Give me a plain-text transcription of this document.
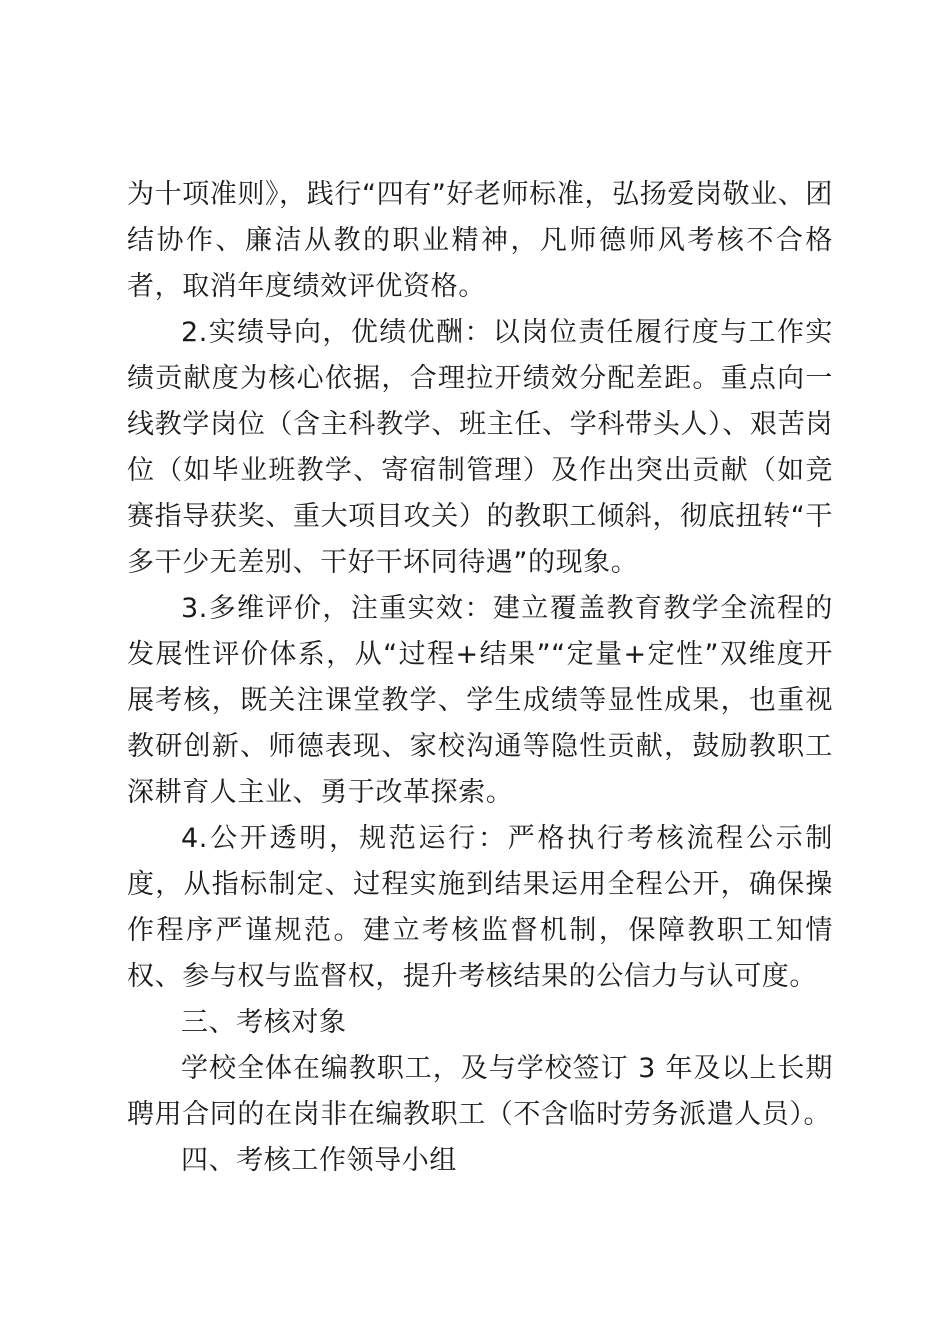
为十项准则》，践行“四有”好老师标准，弘扬爱岗敬业、团结协作、廉洁从教的职业精神，凡师德师风考核不合格者，取消年度绩效评优资格。

2.实绩导向，优绩优酬：以岗位责任履行度与工作实绩贡献度为核心依据，合理拉开绩效分配差距。重点向一线教学岗位（含主科教学、班主任、学科带头人）、艰苦岗位（如毕业班教学、寄宿制管理）及作出突出贡献（如竞赛指导获奖、重大项目攻关）的教职工倾斜，彻底扭转“干多干少无差别、干好干坏同待遇”的现象。

3.多维评价，注重实效：建立覆盖教育教学全流程的发展性评价体系，从“过程+结果”“定量+定性”双维度开展考核，既关注课堂教学、学生成绩等显性成果，也重视教研创新、师德表现、家校沟通等隐性贡献，鼓励教职工深耕育人主业、勇于改革探索。

4.公开透明，规范运行：严格执行考核流程公示制度，从指标制定、过程实施到结果运用全程公开，确保操作程序严谨规范。建立考核监督机制，保障教职工知情权、参与权与监督权，提升考核结果的公信力与认可度。

三、考核对象

学校全体在编教职工，及与学校签订 3 年及以上长期聘用合同的在岗非在编教职工（不含临时劳务派遣人员）。

四、考核工作领导小组
